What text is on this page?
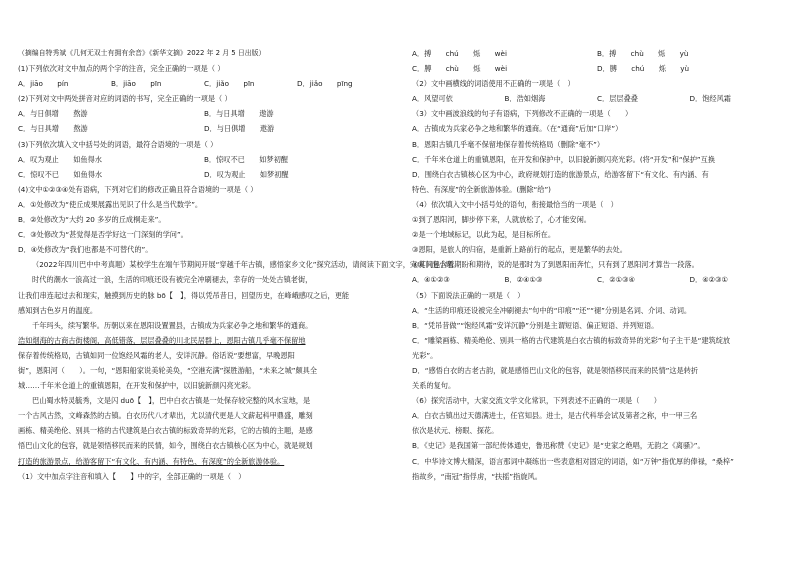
（摘编自特秀斌《几何无双士有拥有余音》《新华文摘》2022 年 2 月 5 日出版）
(1)下列依次对文中加点的两个字的注音，完全正确的一项是（ ）
A．jiāo　　pín	B．jiāo　　pīn	C．jiǎo　　pīn	D．jiǎo　　pīng
(2)下列对文中两处拼音对应的词语的书写，完全正确的一项是（ ）
A．与日俱增　　熬游	B．与日具增　　遨游
C．与日具增　　熬游	D．与日俱增　　遨游
(3)下列依次填入文中括号处的词语，最符合语境的一项是（ ）
A．叹为观止　　如鱼得水	B．惊叹不已　　如梦初醒
C．惊叹不已　　如鱼得水	D．叹为观止　　如梦初醒
(4)文中①②③④处有语病，下列对它们的修改正确且符合语境的一项是（ ）
A．①处修改为“使丘成果展露出见识了什么是当代数学”。
B．②处修改为“大约 20 多岁的丘成桐走来”。
C．③处修改为“甚觉得是否学好这一门深刻的学问”。
D．④处修改为“我们也都是不可替代的”。
（2022年四川巴中中考真题）某校学生在端午节期间开展“穿越千年古镇，感悟家乡文化”探究活动，请阅读下面文字，完成下面小题。
时代的潮水一浪高过一浪，生活的印痕还设有被完全冲刷褪去，幸存的一处处古镇老街，
让我们串连起过去和现实，触摸到历史的脉 bō【　】，得以凭吊昔日，回望历史，在峰峨感叹之后，更能
感知到古色岁月的温度。
千年玛头，续写繁华。历朝以来在恩阳设置置县，古镇成为兵家必争之地和繁华的通商。
浩如烟海的古商古街楼阁，高低错落，层层叠叠的川北民居群上，恩阳古镇几乎毫不保留地
保存着传统格局，古镇如同一位饱经风霜的老人，安详沉静。俗话说“要想富，早晚恩阳
街”，恩阳河（　　）。一句，“恩阳船家说美轮美奂，“空港充满”探胜游船，“未来之城”颇具全
城……千年米仓道上的重镇恩阳，在开发和保护中，以旧貌新颜闪亮光彩。
巴山蜀水特灵毓秀，文是闪 duō【　】，巴中白衣古镇是一处保存较完整的风水宝地，是
一个古风古然，文峰森然的古镇。白衣历代八才辈出，尤以清代更是人文薪起科甲鼎盛，雕刻
画栋、精美绝伦、别具一格的古代建筑是白衣古镇的标致奇异的光彩，它的古镇的主题，是感
悟巴山文化的包容，就是领悟移民而来的民情，如今，围绕白衣古镇核心区为中心，就是规划
打造的旅游景点，给游客留下“有文化、有内涵、有特色、有深度”的全新旅游体验。
（1）文中加点字注音和填入【　　】中的字，全部正确的一项是（　）
A．搏　　chú　　烁　　wèi	B．搏　　chù　　烁　　yù
C．膊　　chù　　烁　　wèi	D．膊　　chú　　烁　　yù
（2）文中画横线的词语使用不正确的一项是（　）
A．风望可依	B．浩如烟海	C．层层叠叠	D．饱经风霜
（3）文中画波浪线的句子有语病，下列修改不正确的一项是（　　）
A．古镇成为兵家必争之地和繁华的通商。（在“通商”后加“口岸”）
B．恩阳古镇几乎毫不保留地保存着传统格局（删除“毫不”）
C．千年米仓道上的重镇恩阳，在开发和保护中，以旧貌新颜闪亮光彩。(将“开发”和“保护”互换
D．围绕白衣古镇核心区为中心，政府规划打造的旅游景点，给游客留下“有文化、有内涵、有
特色、有深度”的全新旅游体验。(删除“给”)
（4）依次填入文中小括号处的语句，衔接最恰当的一项是（　）
①到了恩阳河，脚步停下来，人就放松了，心才能安闲。
②是一个地域标记，以此为起，是目标所在。
③恩阳，是旅人的归宿，是重新上路前行的起点，更是繁华的去处。
④其间包含着期盼和期待，说的是那时为了到恩阳而奔忙，只有到了恩阳河才算告一段落。
A．④①②③	B．②④①③	C．②①③④	D．④②③①
（5）下面说法正确的一项是（　）
A．“生活的印痕还设被完全冲刷褪去”句中的“印痕”“还”“褪”分别是名词、介词、动词。
B．“凭吊昔做”“饱经风霜”安详沉静”分别是主谓短语、偏正短语、并列短语。
C．“雕梁画栋、精美绝伦、别具一格的古代建筑是白衣古镇的标致奇异的光彩”句子主干是“建筑绽放
光彩”。
D．“感悟白衣的古老古韵，就是感悟巴山文化的包容，就是领悟移民而来的民情”这是转折
关系的复句。
（6）探究活动中，大家交流文学文化常识，下列表述不正确的一项是（　　）
A．白衣古镇出过天德满进士，任官知县。进士，是古代科举会试及第者之称，中一甲三名
依次是状元、榜眼、探花。
B．《史记》是我国第一部纪传体通史，鲁迅称赞《史记》是“史家之绝唱，无韵之《离骚》”。
C．中华诗文博大精深，语言那词中凝练出一些表意相对固定的词语，如“万钟”指优厚的俸禄，“桑梓”
指故乡，“南冠”指俘虏，“扶摇”指旋风。
